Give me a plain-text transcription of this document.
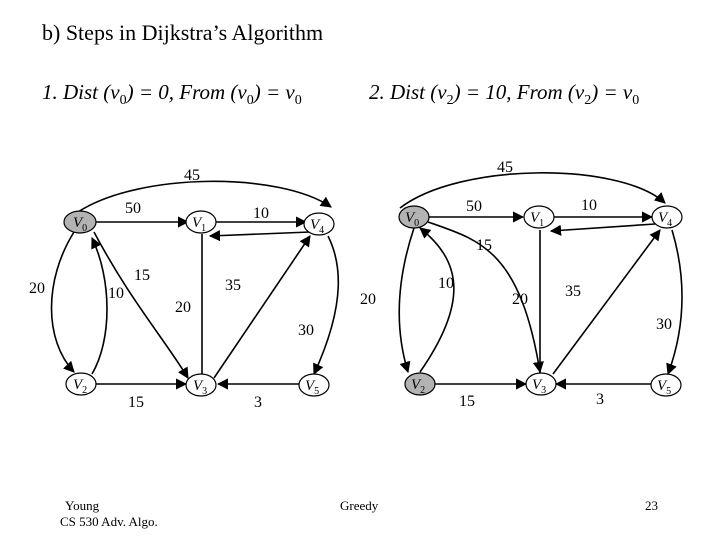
b) Steps in Dijkstra’s Algorithm
1. Dist $(v_0) = 0$, From $(v_0) = v_0$	2. Dist $(v_2) = 10$, From $(v_2) = v_0$
45
50	10
20	10
15
35
20
30
15	3
$V_0$	$V_1$	$V_4$
$V_2$	$V_3$	$V_5$
45
50	10
15
20
10
20 35
30
15	3
$V_0$	$V_1$	$V_4$
$V_2$	$V_3$	$V_5$
Young
CS 530 Adv. Algo.
Greedy	23
